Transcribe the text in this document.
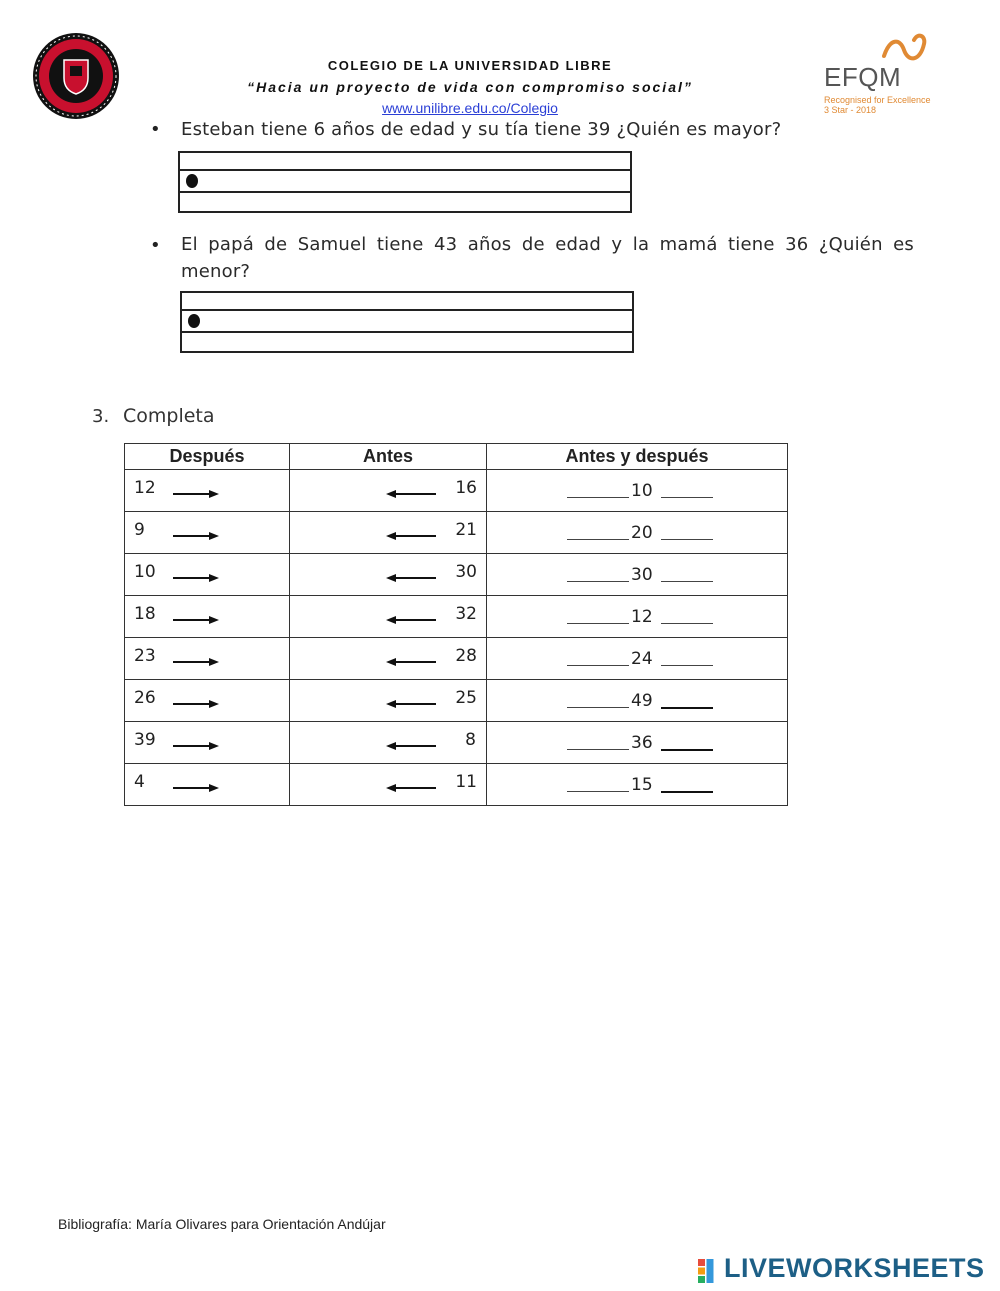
COLEGIO DE LA UNIVERSIDAD LIBRE
“Hacia un proyecto de vida con compromiso social”
www.unilibre.edu.co/Colegio
EFQM
Recognised for Excellence
3 Star - 2018
• Esteban tiene 6 años de edad y su tía tiene 39 ¿Quién es mayor?
• El papá de Samuel tiene 43 años de edad y la mamá tiene 36 ¿Quién es
menor?
3. Completa
Después	Antes	Antes y después

12	16	10

9	21	20

10	30	30

18	32	12

23	28	24

26	25	49

39	8	36

4	11	15
Bibliografía: María Olivares para Orientación Andújar
LIVEWORKSHEETS
